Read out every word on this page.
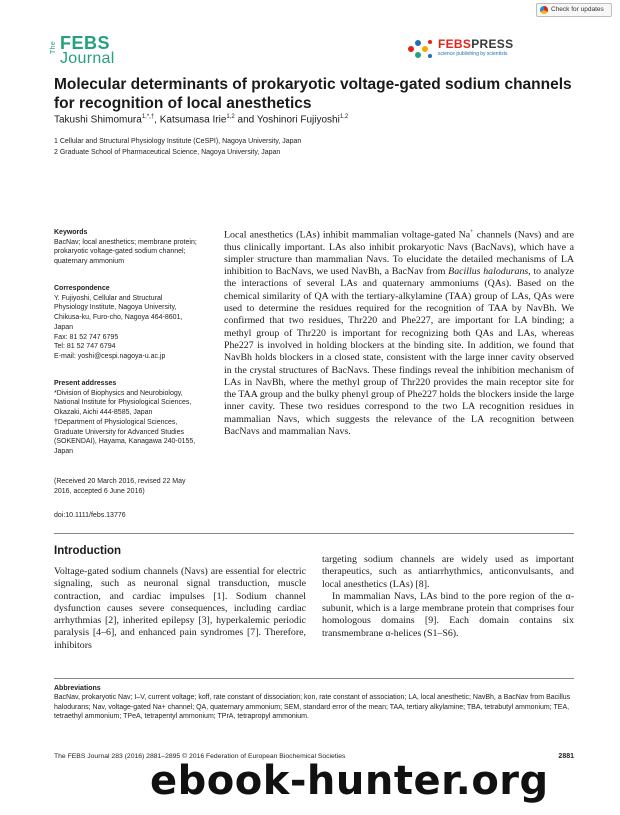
Check for updates
The FEBS
Journal
FEBSPRESS
science publishing by scientists
Molecular determinants of prokaryotic voltage-gated sodium channels for recognition of local anesthetics
Takushi Shimomura$^{1,*,\dagger}$, Katsumasa Irie$^{1,2}$ and Yoshinori Fujiyoshi$^{1,2}$
1 Cellular and Structural Physiology Institute (CeSPI), Nagoya University, Japan
2 Graduate School of Pharmaceutical Science, Nagoya University, Japan

Keywords

BacNav; local anesthetics; membrane protein; prokaryotic voltage-gated sodium channel; quaternary ammonium

Correspondence

Y. Fujiyoshi, Cellular and Structural

Physiology Institute, Nagoya University,

Chikusa-ku, Furo-cho, Nagoya 464-8601,

Japan

Fax: 81 52 747 6795

Tel: 81 52 747 6794

E-mail: yoshi@cespi.nagoya-u.ac.jp

Present addresses

*Division of Biophysics and Neurobiology,

National Institute for Physiological Sciences,

Okazaki, Aichi 444-8585, Japan

†Department of Physiological Sciences,

Graduate University for Advanced Studies

(SOKENDAI), Hayama, Kanagawa 240-0155,

Japan

(Received 20 March 2016, revised 22 May

2016, accepted 6 June 2016)

doi:10.1111/febs.13776
Local anesthetics (LAs) inhibit mammalian voltage-gated Na+ channels (Navs) and are thus clinically important. LAs also inhibit prokaryotic Navs (BacNavs), which have a simpler structure than mammalian Navs. To elucidate the detailed mechanisms of LA inhibition to BacNavs, we used NavBh, a BacNav from Bacillus halodurans, to analyze the interactions of several LAs and quaternary ammoniums (QAs). Based on the chemical similarity of QA with the tertiary-alkylamine (TAA) group of LAs, QAs were used to determine the residues required for the recognition of TAA by NavBh. We confirmed that two residues, Thr220 and Phe227, are important for LA binding; a methyl group of Thr220 is important for recognizing both QAs and LAs, whereas Phe227 is involved in holding blockers at the binding site. In addition, we found that NavBh holds blockers in a closed state, consistent with the large inner cavity observed in the crystal structures of BacNavs. These findings reveal the inhibition mechanism of LAs in NavBh, where the methyl group of Thr220 provides the main receptor site for the TAA group and the bulky phenyl group of Phe227 holds the blockers inside the large inner cavity. These two residues correspond to the two LA recognition residues in mammalian Navs, which suggests the relevance of the LA recognition between BacNavs and mammalian Navs.
Introduction

Voltage-gated sodium channels (Navs) are essential for electric signaling, such as neuronal signal transduction, muscle contraction, and cardiac impulses [1]. Sodium channel dysfunction causes severe consequences, including cardiac arrhythmias [2], inherited epilepsy [3], hyperkalemic periodic paralysis [4–6], and enhanced pain syndromes [7]. Therefore, inhibitors

targeting sodium channels are widely used as important therapeutics, such as antiarrhythmics, anticonvulsants, and local anesthetics (LAs) [8].

In mammalian Navs, LAs bind to the pore region of the α-subunit, which is a large membrane protein that comprises four homologous domains [9]. Each domain contains six transmembrane α-helices (S1–S6).

Abbreviations
BacNav, prokaryotic Nav; I–V, current voltage; koff, rate constant of dissociation; kon, rate constant of association; LA, local anesthetic; NavBh, a BacNav from Bacillus halodurans; Nav, voltage-gated Na+ channel; QA, quaternary ammonium; SEM, standard error of the mean; TAA, tertiary alkylamine; TBA, tetrabutyl ammonium; TEA, tetraethyl ammonium; TPeA, tetrapentyl ammonium; TPrA, tetrapropyl ammonium.
The FEBS Journal 283 (2016) 2881–2895 © 2016 Federation of European Biochemical Societies	2881
ebook-hunter.org
